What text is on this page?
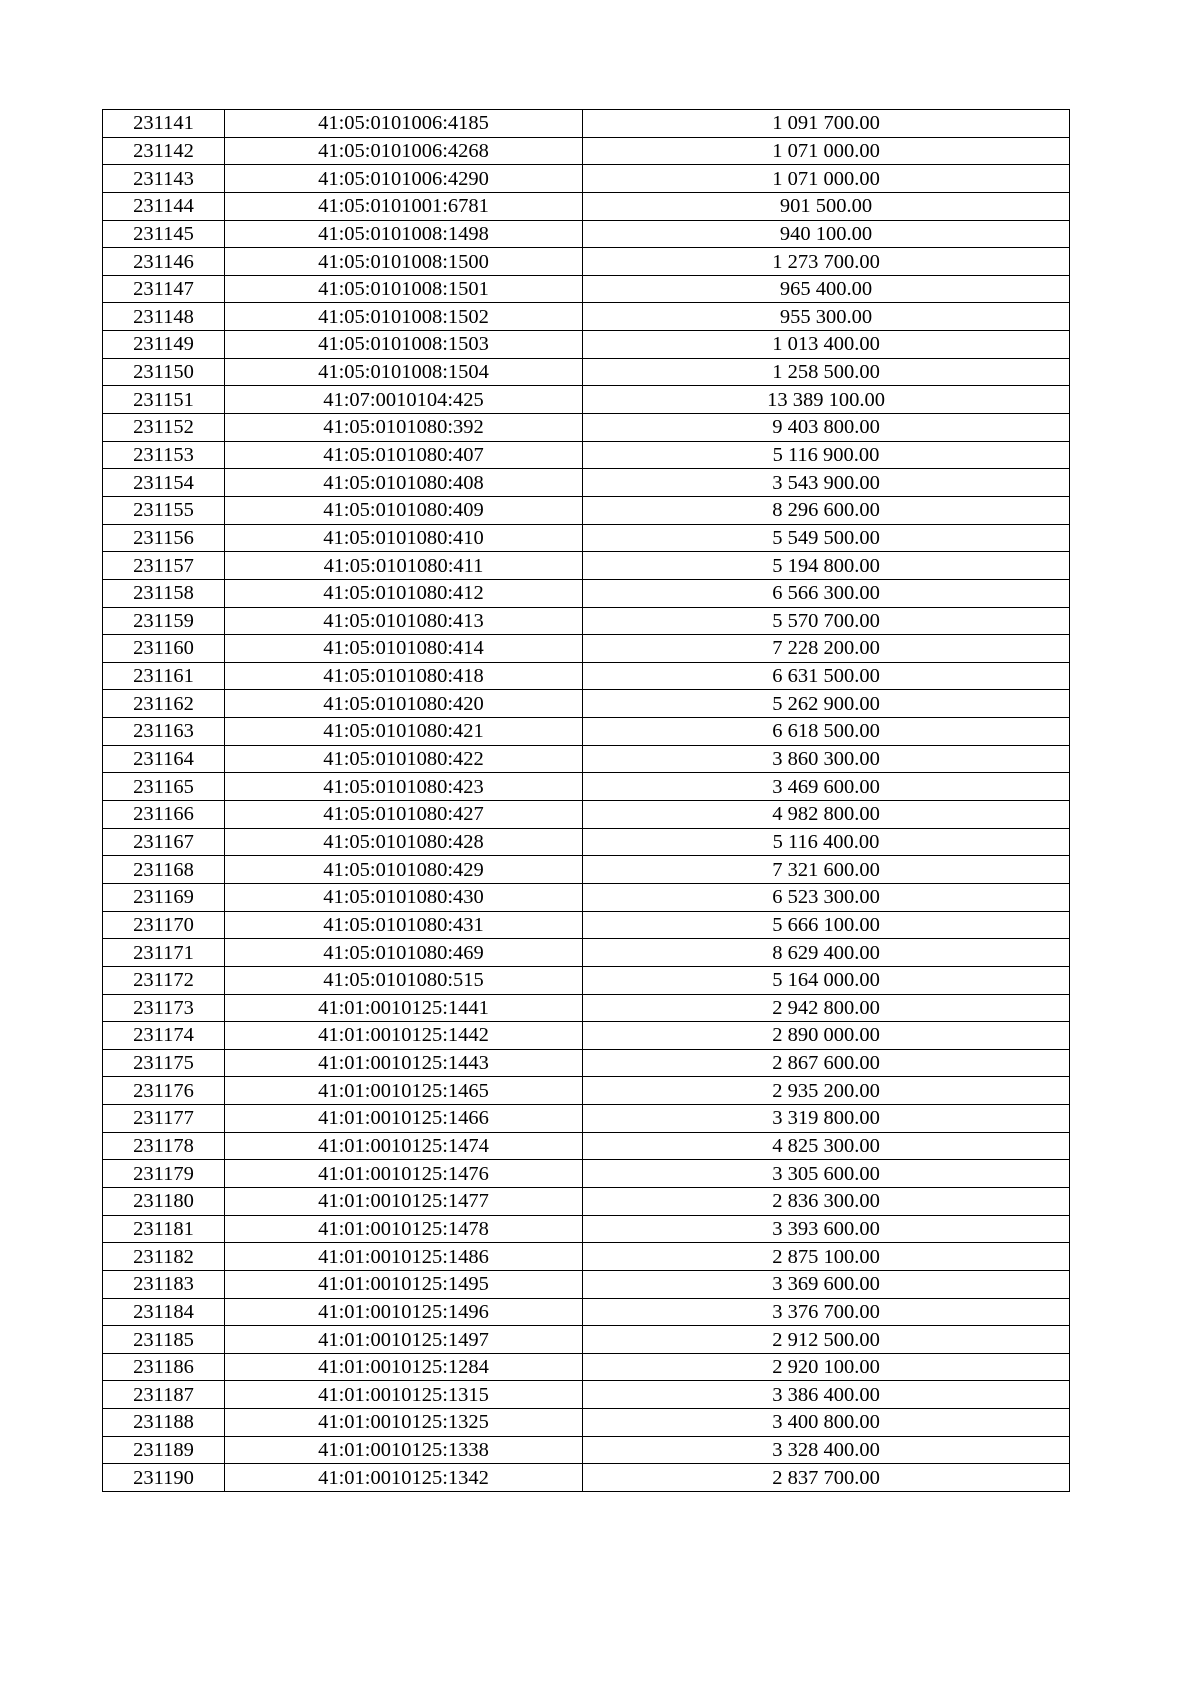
231141	41:05:0101006:4185	1 091 700.00
231142	41:05:0101006:4268	1 071 000.00
231143	41:05:0101006:4290	1 071 000.00
231144	41:05:0101001:6781	901 500.00
231145	41:05:0101008:1498	940 100.00
231146	41:05:0101008:1500	1 273 700.00
231147	41:05:0101008:1501	965 400.00
231148	41:05:0101008:1502	955 300.00
231149	41:05:0101008:1503	1 013 400.00
231150	41:05:0101008:1504	1 258 500.00
231151	41:07:0010104:425	13 389 100.00
231152	41:05:0101080:392	9 403 800.00
231153	41:05:0101080:407	5 116 900.00
231154	41:05:0101080:408	3 543 900.00
231155	41:05:0101080:409	8 296 600.00
231156	41:05:0101080:410	5 549 500.00
231157	41:05:0101080:411	5 194 800.00
231158	41:05:0101080:412	6 566 300.00
231159	41:05:0101080:413	5 570 700.00
231160	41:05:0101080:414	7 228 200.00
231161	41:05:0101080:418	6 631 500.00
231162	41:05:0101080:420	5 262 900.00
231163	41:05:0101080:421	6 618 500.00
231164	41:05:0101080:422	3 860 300.00
231165	41:05:0101080:423	3 469 600.00
231166	41:05:0101080:427	4 982 800.00
231167	41:05:0101080:428	5 116 400.00
231168	41:05:0101080:429	7 321 600.00
231169	41:05:0101080:430	6 523 300.00
231170	41:05:0101080:431	5 666 100.00
231171	41:05:0101080:469	8 629 400.00
231172	41:05:0101080:515	5 164 000.00
231173	41:01:0010125:1441	2 942 800.00
231174	41:01:0010125:1442	2 890 000.00
231175	41:01:0010125:1443	2 867 600.00
231176	41:01:0010125:1465	2 935 200.00
231177	41:01:0010125:1466	3 319 800.00
231178	41:01:0010125:1474	4 825 300.00
231179	41:01:0010125:1476	3 305 600.00
231180	41:01:0010125:1477	2 836 300.00
231181	41:01:0010125:1478	3 393 600.00
231182	41:01:0010125:1486	2 875 100.00
231183	41:01:0010125:1495	3 369 600.00
231184	41:01:0010125:1496	3 376 700.00
231185	41:01:0010125:1497	2 912 500.00
231186	41:01:0010125:1284	2 920 100.00
231187	41:01:0010125:1315	3 386 400.00
231188	41:01:0010125:1325	3 400 800.00
231189	41:01:0010125:1338	3 328 400.00
231190	41:01:0010125:1342	2 837 700.00
